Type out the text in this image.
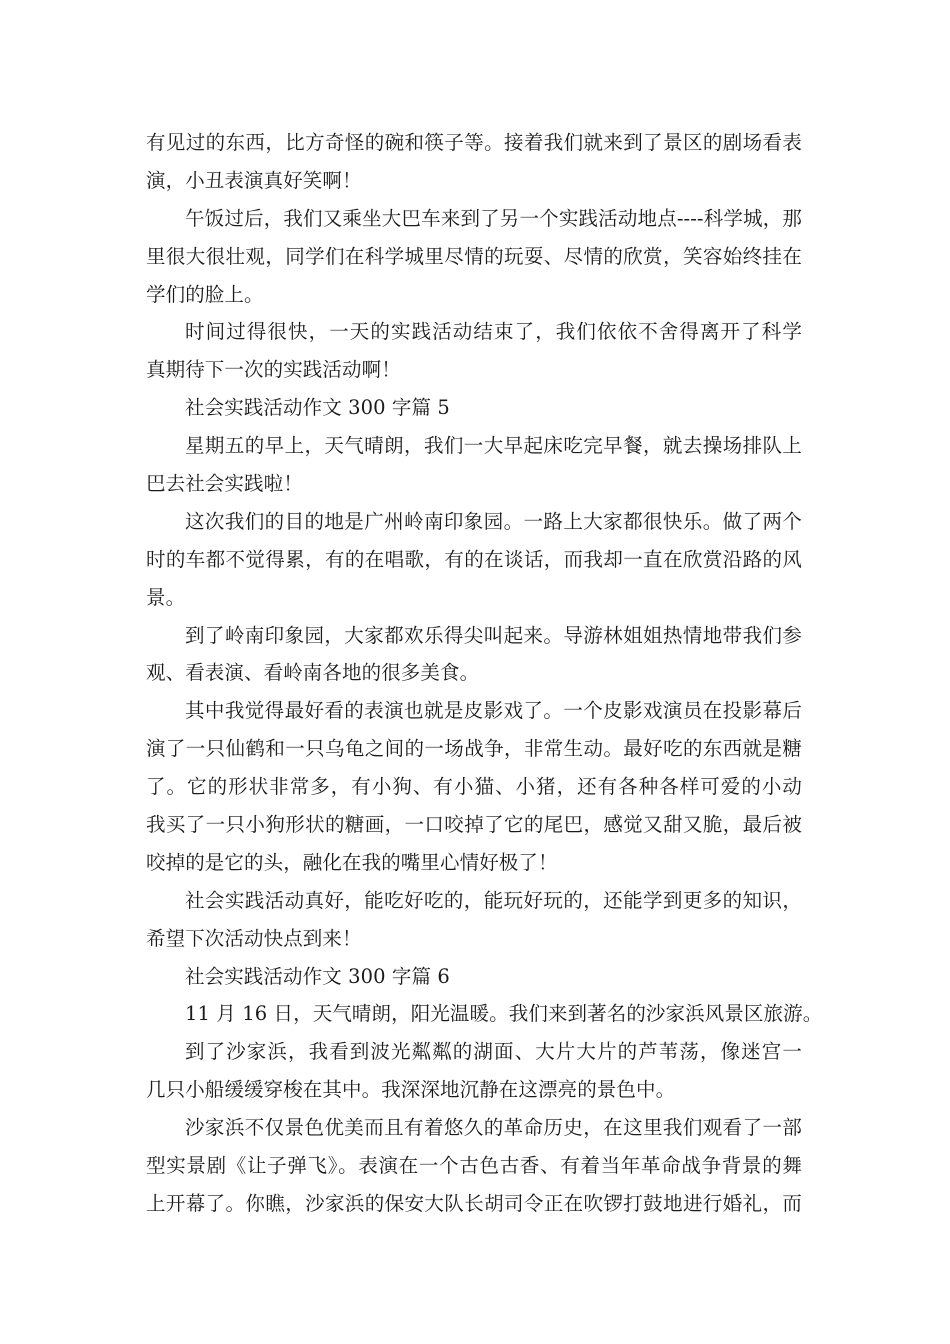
有见过的东西，比方奇怪的碗和筷子等。接着我们就来到了景区的剧场看表
演，小丑表演真好笑啊！
午饭过后，我们又乘坐大巴车来到了另一个实践活动地点----科学城，那
里很大很壮观，同学们在科学城里尽情的玩耍、尽情的欣赏，笑容始终挂在
学们的脸上。
时间过得很快，一天的实践活动结束了，我们依依不舍得离开了科学
真期待下一次的实践活动啊！
社会实践活动作文 300 字篇 5
星期五的早上，天气晴朗，我们一大早起床吃完早餐，就去操场排队上
巴去社会实践啦！
这次我们的目的地是广州岭南印象园。一路上大家都很快乐。做了两个
时的车都不觉得累，有的在唱歌，有的在谈话，而我却一直在欣赏沿路的风
景。
到了岭南印象园，大家都欢乐得尖叫起来。导游林姐姐热情地带我们参
观、看表演、看岭南各地的很多美食。
其中我觉得最好看的表演也就是皮影戏了。一个皮影戏演员在投影幕后
演了一只仙鹤和一只乌龟之间的一场战争，非常生动。最好吃的东西就是糖
了。它的形状非常多，有小狗、有小猫、小猪，还有各种各样可爱的小动
我买了一只小狗形状的糖画，一口咬掉了它的尾巴，感觉又甜又脆，最后被
咬掉的是它的头，融化在我的嘴里心情好极了！
社会实践活动真好，能吃好吃的，能玩好玩的，还能学到更多的知识，
希望下次活动快点到来！
社会实践活动作文 300 字篇 6
11 月 16 日，天气晴朗，阳光温暖。我们来到著名的沙家浜风景区旅游。
到了沙家浜，我看到波光粼粼的湖面、大片大片的芦苇荡，像迷宫一
几只小船缓缓穿梭在其中。我深深地沉静在这漂亮的景色中。
沙家浜不仅景色优美而且有着悠久的革命历史，在这里我们观看了一部
型实景剧《让子弹飞》。表演在一个古色古香、有着当年革命战争背景的舞
上开幕了。你瞧，沙家浜的保安大队长胡司令正在吹锣打鼓地进行婚礼，而
